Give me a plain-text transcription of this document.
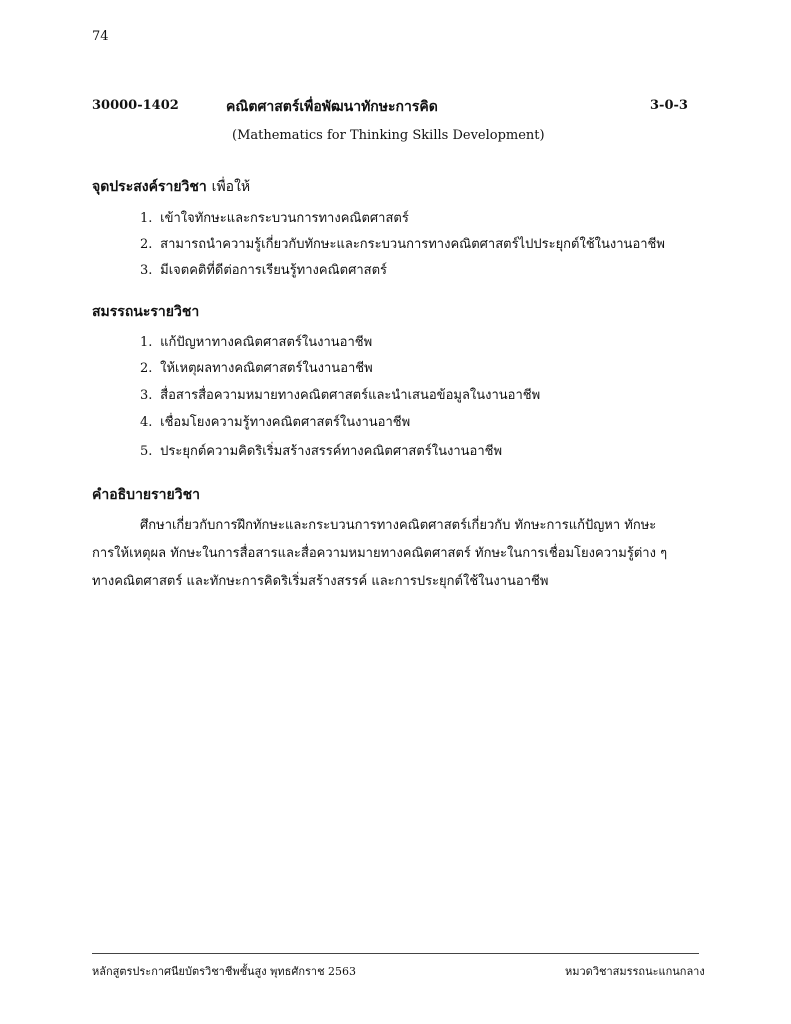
74
30000-1402	คณิตศาสตร์เพื่อพัฒนาทักษะการคิด	3-0-3
(Mathematics for Thinking Skills Development)
จุดประสงค์รายวิชา เพื่อให้
1. เข้าใจทักษะและกระบวนการทางคณิตศาสตร์
2. สามารถนำความรู้เกี่ยวกับทักษะและกระบวนการทางคณิตศาสตร์ไปประยุกต์ใช้ในงานอาชีพ
3. มีเจตคติที่ดีต่อการเรียนรู้ทางคณิตศาสตร์
สมรรถนะรายวิชา
1. แก้ปัญหาทางคณิตศาสตร์ในงานอาชีพ
2. ให้เหตุผลทางคณิตศาสตร์ในงานอาชีพ
3. สื่อสารสื่อความหมายทางคณิตศาสตร์และนำเสนอข้อมูลในงานอาชีพ
4. เชื่อมโยงความรู้ทางคณิตศาสตร์ในงานอาชีพ
5. ประยุกต์ความคิดริเริ่มสร้างสรรค์ทางคณิตศาสตร์ในงานอาชีพ
คำอธิบายรายวิชา
ศึกษาเกี่ยวกับการฝึกทักษะและกระบวนการทางคณิตศาสตร์เกี่ยวกับ ทักษะการแก้ปัญหา ทักษะ
การให้เหตุผล ทักษะในการสื่อสารและสื่อความหมายทางคณิตศาสตร์ ทักษะในการเชื่อมโยงความรู้ต่าง ๆ
ทางคณิตศาสตร์ และทักษะการคิดริเริ่มสร้างสรรค์ และการประยุกต์ใช้ในงานอาชีพ
หลักสูตรประกาศนียบัตรวิชาชีพชั้นสูง พุทธศักราช 2563	หมวดวิชาสมรรถนะแกนกลาง
